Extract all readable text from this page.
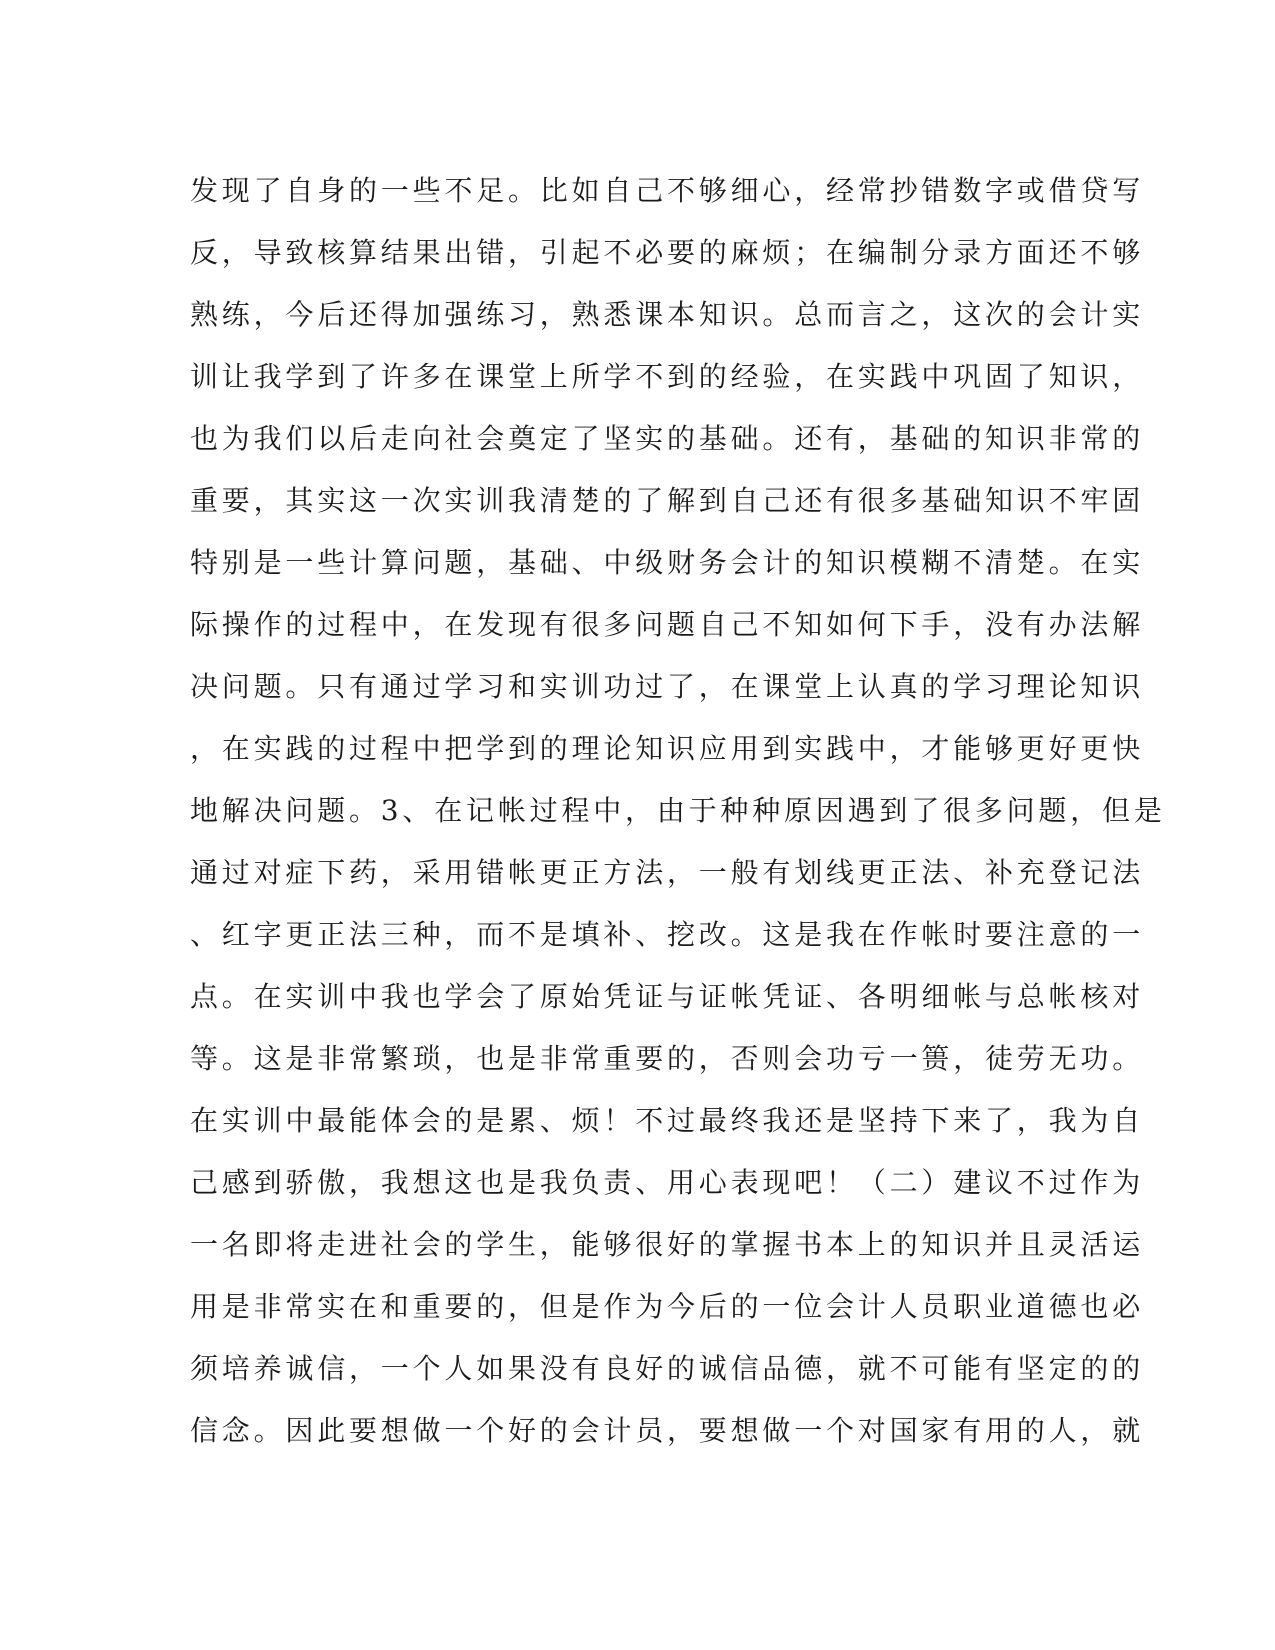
发现了自身的一些不足。比如自己不够细心，经常抄错数字或借贷写
反，导致核算结果出错，引起不必要的麻烦；在编制分录方面还不够
熟练，今后还得加强练习，熟悉课本知识。总而言之，这次的会计实
训让我学到了许多在课堂上所学不到的经验，在实践中巩固了知识，
也为我们以后走向社会奠定了坚实的基础。还有，基础的知识非常的
重要，其实这一次实训我清楚的了解到自己还有很多基础知识不牢固
特别是一些计算问题，基础、中级财务会计的知识模糊不清楚。在实
际操作的过程中，在发现有很多问题自己不知如何下手，没有办法解
决问题。只有通过学习和实训功过了，在课堂上认真的学习理论知识
，在实践的过程中把学到的理论知识应用到实践中，才能够更好更快
地解决问题。3、在记帐过程中，由于种种原因遇到了很多问题，但是
通过对症下药，采用错帐更正方法，一般有划线更正法、补充登记法
、红字更正法三种，而不是填补、挖改。这是我在作帐时要注意的一
点。在实训中我也学会了原始凭证与证帐凭证、各明细帐与总帐核对
等。这是非常繁琐，也是非常重要的，否则会功亏一篑，徒劳无功。
在实训中最能体会的是累、烦！不过最终我还是坚持下来了，我为自
己感到骄傲，我想这也是我负责、用心表现吧！（二）建议不过作为
一名即将走进社会的学生，能够很好的掌握书本上的知识并且灵活运
用是非常实在和重要的，但是作为今后的一位会计人员职业道德也必
须培养诚信，一个人如果没有良好的诚信品德，就不可能有坚定的的
信念。因此要想做一个好的会计员，要想做一个对国家有用的人，就
